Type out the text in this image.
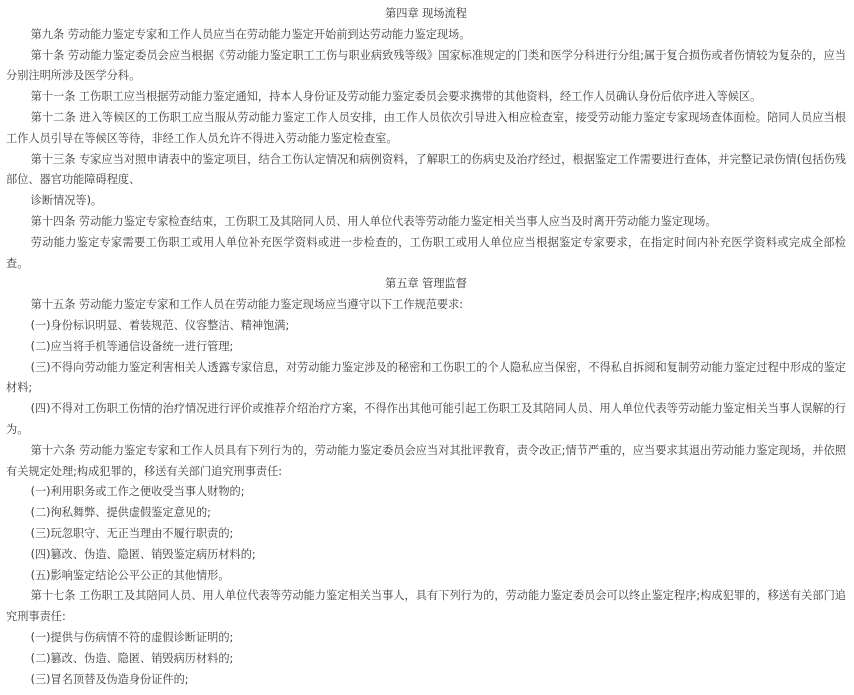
第四章 现场流程

第九条 劳动能力鉴定专家和工作人员应当在劳动能力鉴定开始前到达劳动能力鉴定现场。

第十条 劳动能力鉴定委员会应当根据《劳动能力鉴定职工工伤与职业病致残等级》国家标准规定的门类和医学分科进行分组;属于复合损伤或者伤情较为复杂的，应当分别注明所涉及医学分科。

第十一条 工伤职工应当根据劳动能力鉴定通知，持本人身份证及劳动能力鉴定委员会要求携带的其他资料，经工作人员确认身份后依序进入等候区。

第十二条 进入等候区的工伤职工应当服从劳动能力鉴定工作人员安排，由工作人员依次引导进入相应检查室，接受劳动能力鉴定专家现场查体面检。陪同人员应当根工作人员引导在等候区等待，非经工作人员允许不得进入劳动能力鉴定检查室。

第十三条 专家应当对照申请表中的鉴定项目，结合工伤认定情况和病例资料，了解职工的伤病史及治疗经过，根据鉴定工作需要进行查体，并完整记录伤情(包括伤残部位、器官功能障碍程度、

诊断情况等)。

第十四条 劳动能力鉴定专家检查结束，工伤职工及其陪同人员、用人单位代表等劳动能力鉴定相关当事人应当及时离开劳动能力鉴定现场。

劳动能力鉴定专家需要工伤职工或用人单位补充医学资料或进一步检查的，工伤职工或用人单位应当根据鉴定专家要求，在指定时间内补充医学资料或完成全部检查。

第五章 管理监督

第十五条 劳动能力鉴定专家和工作人员在劳动能力鉴定现场应当遵守以下工作规范要求:

(一)身份标识明显、着装规范、仪容整洁、精神饱满;

(二)应当将手机等通信设备统一进行管理;

(三)不得向劳动能力鉴定利害相关人透露专家信息，对劳动能力鉴定涉及的秘密和工伤职工的个人隐私应当保密，不得私自拆阅和复制劳动能力鉴定过程中形成的鉴定材料;

(四)不得对工伤职工伤情的治疗情况进行评价或推荐介绍治疗方案，不得作出其他可能引起工伤职工及其陪同人员、用人单位代表等劳动能力鉴定相关当事人误解的行为。

第十六条 劳动能力鉴定专家和工作人员具有下列行为的，劳动能力鉴定委员会应当对其批评教育，责令改正;情节严重的，应当要求其退出劳动能力鉴定现场，并依照有关规定处理;构成犯罪的，移送有关部门追究刑事责任:

(一)利用职务或工作之便收受当事人财物的;

(二)徇私舞弊、提供虚假鉴定意见的;

(三)玩忽职守、无正当理由不履行职责的;

(四)篡改、伪造、隐匿、销毁鉴定病历材料的;

(五)影响鉴定结论公平公正的其他情形。

第十七条 工伤职工及其陪同人员、用人单位代表等劳动能力鉴定相关当事人，具有下列行为的，劳动能力鉴定委员会可以终止鉴定程序;构成犯罪的，移送有关部门追究刑事责任:

(一)提供与伤病情不符的虚假诊断证明的;

(二)篡改、伪造、隐匿、销毁病历材料的;

(三)冒名顶替及伪造身份证件的;
